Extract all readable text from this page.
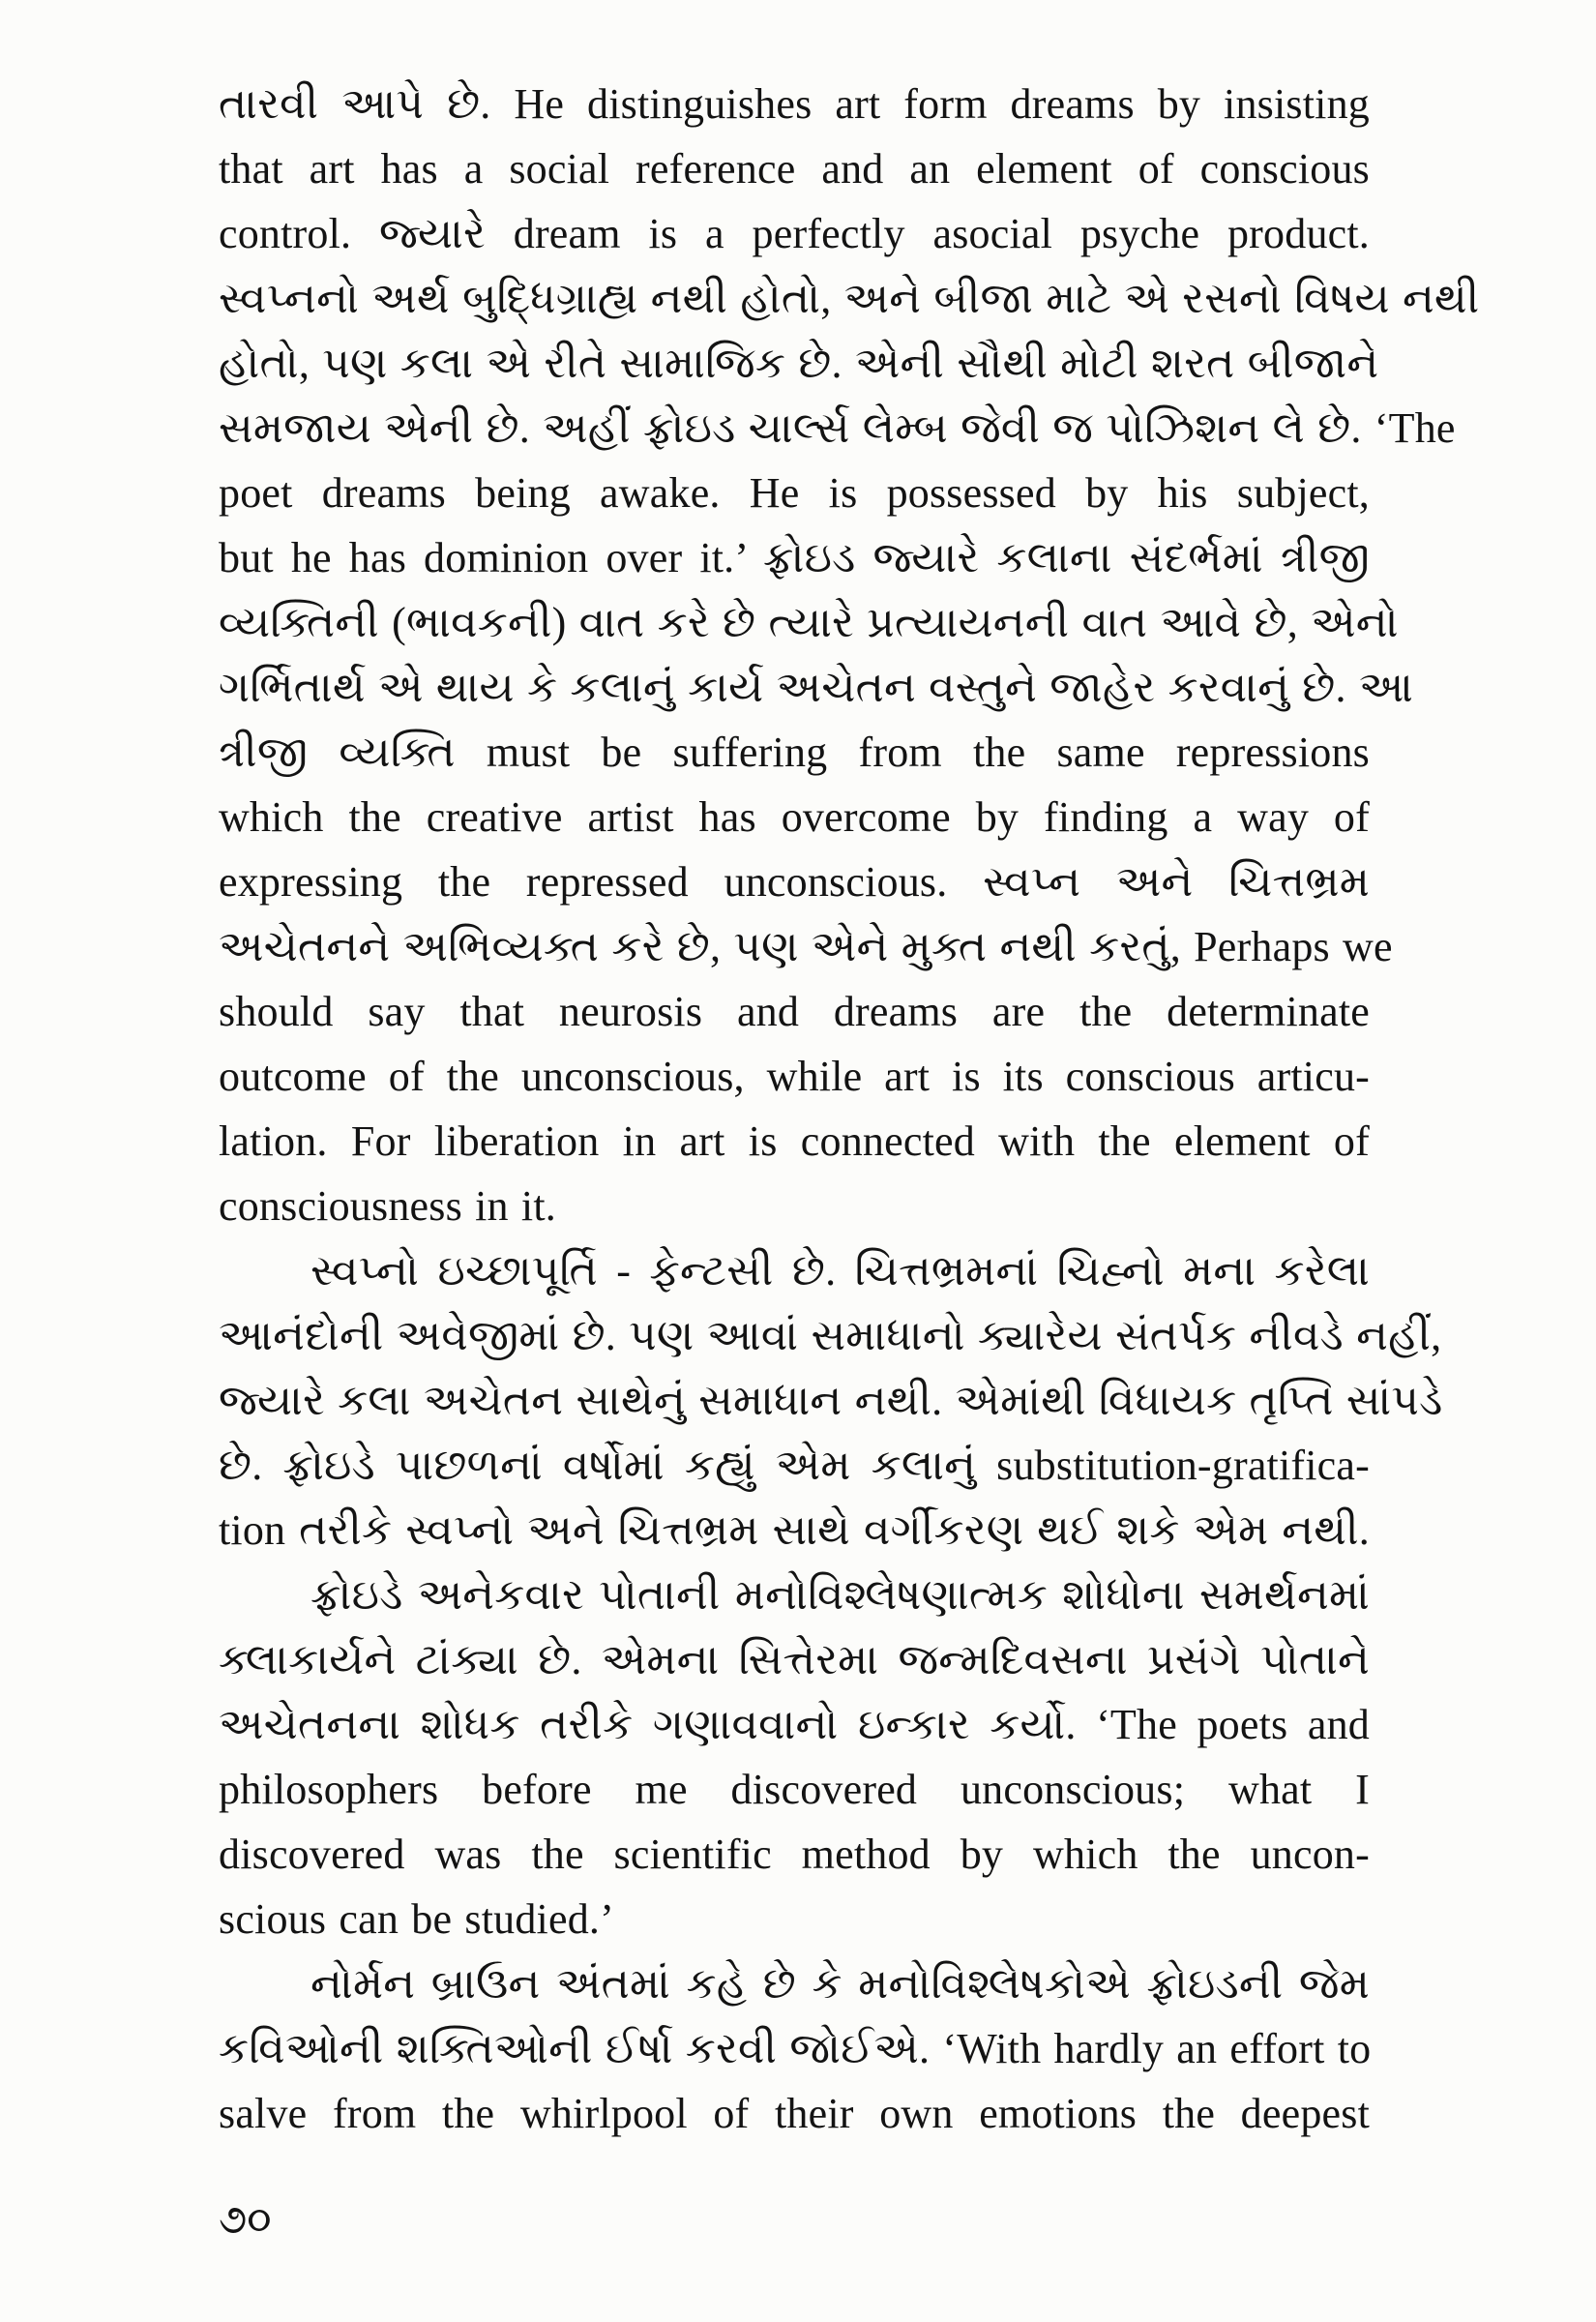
તારવી આપે છે. He distinguishes art form dreams by insisting
that art has a social reference and an element of conscious
control. જ્યારે dream is a perfectly asocial psyche product.
સ્વપ્નનો અર્થ બુદ્ધિગ્રાહ્ય નથી હોતો, અને બીજા માટે એ રસનો વિષય નથી
હોતો, પણ કલા એ રીતે સામાજિક છે. એની સૌથી મોટી શરત બીજાને
સમજાય એની છે. અહીં ફ્રોઇડ ચાર્લ્સ લેમ્બ જેવી જ પોઝિશન લે છે. ‘The
poet dreams being awake. He is possessed by his subject,
but he has dominion over it.’ ફ્રોઇડ જ્યારે કલાના સંદર્ભમાં ત્રીજી
વ્યક્તિની (ભાવકની) વાત કરે છે ત્યારે પ્રત્યાયનની વાત આવે છે, એનો
ગર્ભિતાર્થ એ થાય કે કલાનું કાર્ય અચેતન વસ્તુને જાહેર કરવાનું છે. આ
ત્રીજી વ્યક્તિ must be suffering from the same repressions
which the creative artist has overcome by finding a way of
expressing the repressed unconscious. સ્વપ્ન અને ચિત્તભ્રમ
અચેતનને અભિવ્યક્ત કરે છે, પણ એને મુક્ત નથી કરતું, Perhaps we
should say that neurosis and dreams are the determinate
outcome of the unconscious, while art is its conscious articu-
lation. For liberation in art is connected with the element of
consciousness in it.
સ્વપ્નો ઇચ્છાપૂર્તિ - ફેન્ટસી છે. ચિત્તભ્રમનાં ચિહ્નો મના કરેલા
આનંદોની અવેજીમાં છે. પણ આવાં સમાધાનો ક્યારેય સંતર્પક નીવડે નહીં,
જ્યારે કલા અચેતન સાથેનું સમાધાન નથી. એમાંથી વિધાયક તૃપ્તિ સાંપડે
છે. ફ્રોઇડે પાછળનાં વર્ષોમાં કહ્યું એમ કલાનું substitution-gratifica-
tion તરીકે સ્વપ્નો અને ચિત્તભ્રમ સાથે વર્ગીકરણ થઈ શકે એમ નથી.
ફ્રોઇડે અનેકવાર પોતાની મનોવિશ્લેષણાત્મક શોધોના સમર્થનમાં
ક્લાકાર્યને ટાંક્યા છે. એમના સિત્તેરમા જન્મદિવસના પ્રસંગે પોતાને
અચેતનના શોધક તરીકે ગણાવવાનો ઇન્કાર કર્યો. ‘The poets and
philosophers before me discovered unconscious; what I
discovered was the scientific method by which the uncon-
scious can be studied.’
નોર્મન બ્રાઉન અંતમાં કહે છે કે મનોવિશ્લેષકોએ ફ્રોઇડની જેમ
કવિઓની શક્તિઓની ઈર્ષા કરવી જોઈએ. ‘With hardly an effort to
salve from the whirlpool of their own emotions the deepest
૭૦
